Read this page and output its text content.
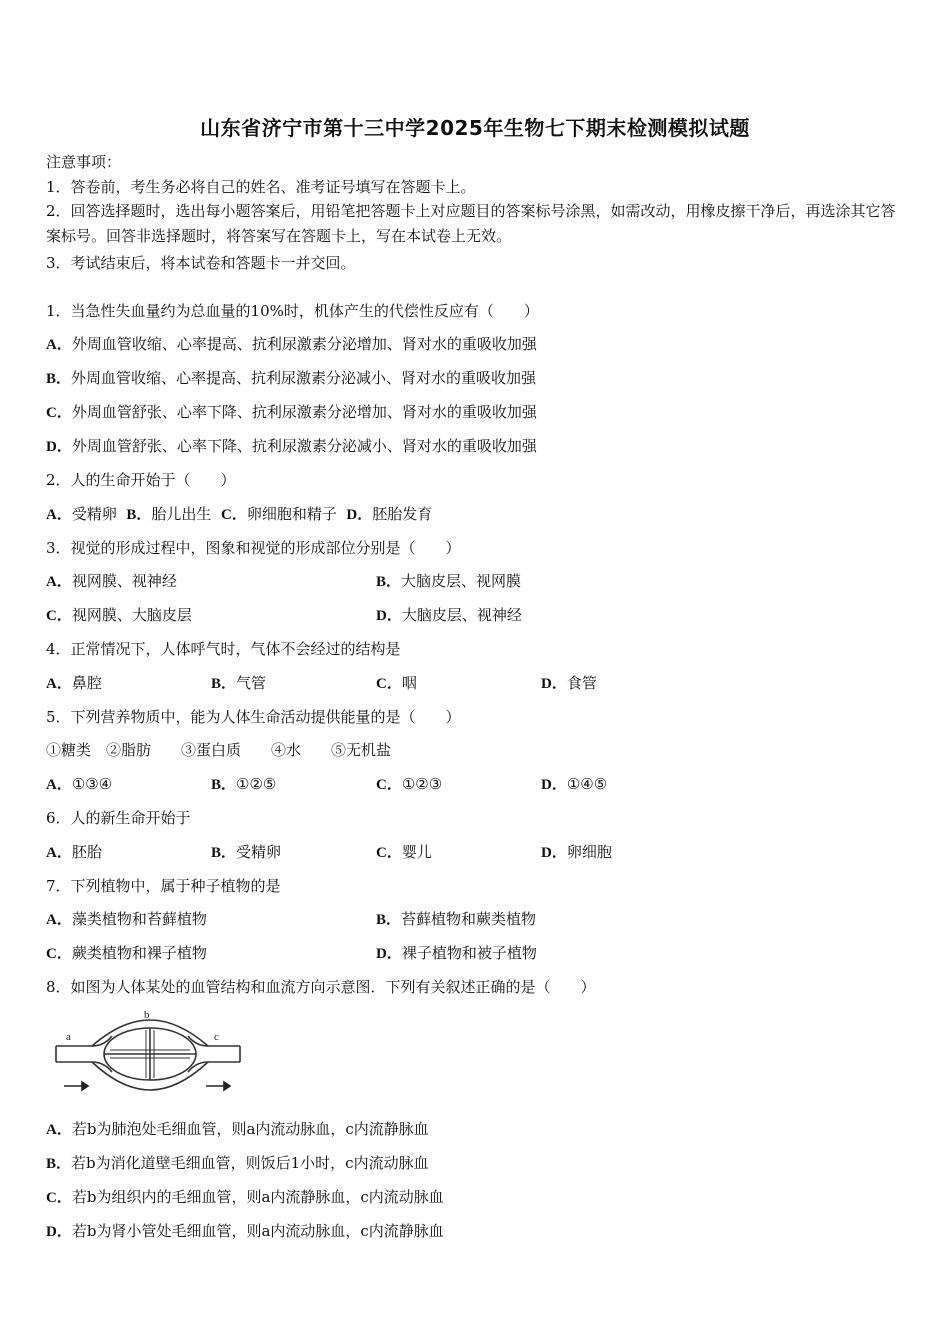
山东省济宁市第十三中学2025年生物七下期末检测模拟试题
注意事项：
1．答卷前，考生务必将自己的姓名、准考证号填写在答题卡上。
2．回答选择题时，选出每小题答案后，用铅笔把答题卡上对应题目的答案标号涂黑，如需改动，用橡皮擦干净后，再选涂其它答案标号。回答非选择题时，将答案写在答题卡上，写在本试卷上无效。
3．考试结束后，将本试卷和答题卡一并交回。
1．当急性失血量约为总血量的10%时，机体产生的代偿性反应有（　　）
A．外周血管收缩、心率提高、抗利尿激素分泌增加、肾对水的重吸收加强
B．外周血管收缩、心率提高、抗利尿激素分泌减小、肾对水的重吸收加强
C．外周血管舒张、心率下降、抗利尿激素分泌增加、肾对水的重吸收加强
D．外周血管舒张、心率下降、抗利尿激素分泌减小、肾对水的重吸收加强
2．人的生命开始于（　　）
A．受精卵 B．胎儿出生 C．卵细胞和精子 D．胚胎发育
3．视觉的形成过程中，图象和视觉的形成部位分别是（　　）
A．视网膜、视神经	B．大脑皮层、视网膜
C．视网膜、大脑皮层	D．大脑皮层、视神经
4．正常情况下，人体呼气时，气体不会经过的结构是
A．鼻腔	B．气管	C．咽	D．食管
5．下列营养物质中，能为人体生命活动提供能量的是（　　）
①糖类　②脂肪　　③蛋白质　　④水　　⑤无机盐
A．①③④	B．①②⑤	C．①②③	D．①④⑤
6．人的新生命开始于
A．胚胎	B．受精卵	C．婴儿	D．卵细胞
7．下列植物中，属于种子植物的是
A．藻类植物和苔藓植物	B．苔藓植物和蕨类植物
C．蕨类植物和裸子植物	D．裸子植物和被子植物
8．如图为人体某处的血管结构和血流方向示意图．下列有关叙述正确的是（　　）
a
b
c
A．若b为肺泡处毛细血管，则a内流动脉血，c内流静脉血
B．若b为消化道壁毛细血管，则饭后1小时，c内流动脉血
C．若b为组织内的毛细血管，则a内流静脉血，c内流动脉血
D．若b为肾小管处毛细血管，则a内流动脉血，c内流静脉血
